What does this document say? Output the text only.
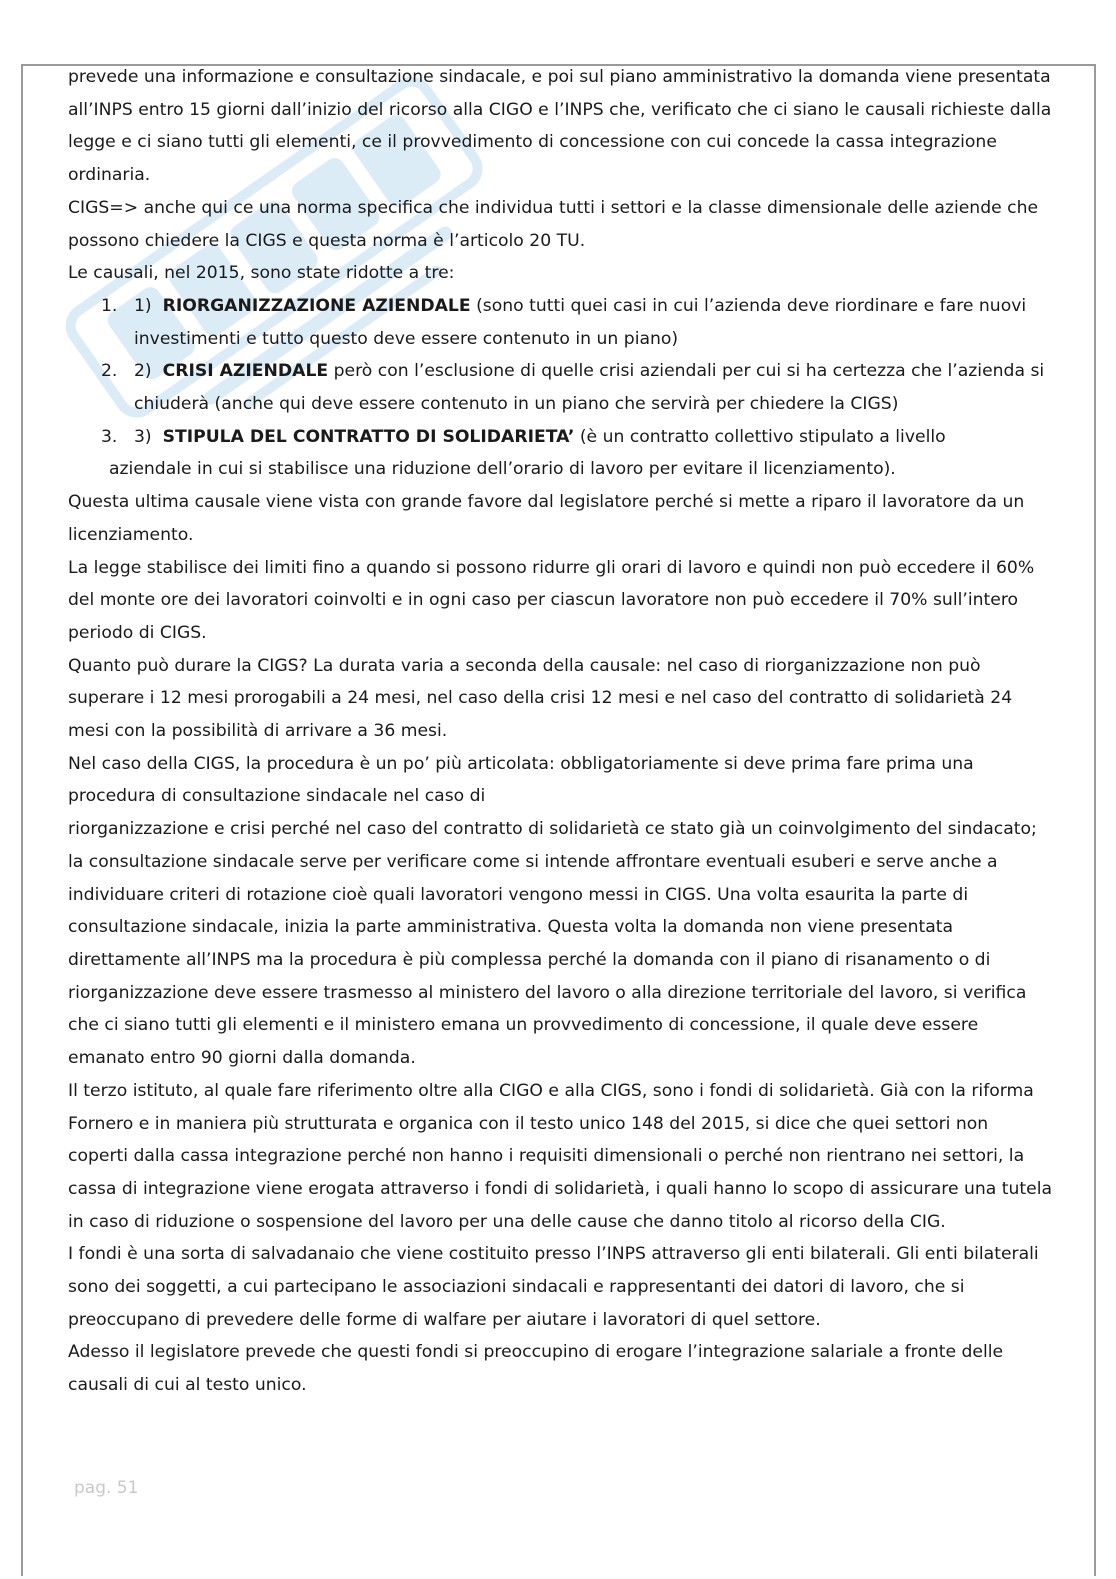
prevede una informazione e consultazione sindacale, e poi sul piano amministrativo la domanda viene presentata all’INPS entro 15 giorni dall’inizio del ricorso alla CIGO e l’INPS che, verificato che ci siano le causali richieste dalla legge e ci siano tutti gli elementi, ce il provvedimento di concessione con cui concede la cassa integrazione ordinaria.

CIGS=> anche qui ce una norma specifica che individua tutti i settori e la classe dimensionale delle aziende che possono chiedere la CIGS e questa norma è l’articolo 20 TU.

Le causali, nel 2015, sono state ridotte a tre:

1. 1) RIORGANIZZAZIONE AZIENDALE (sono tutti quei casi in cui l’azienda deve riordinare e fare nuovi investimenti e tutto questo deve essere contenuto in un piano)
2. 2) CRISI AZIENDALE però con l’esclusione di quelle crisi aziendali per cui si ha certezza che l’azienda si chiuderà (anche qui deve essere contenuto in un piano che servirà per chiedere la CIGS)
3. 3) STIPULA DEL CONTRATTO DI SOLIDARIETA’ (è un contratto collettivo stipulato a livello
aziendale in cui si stabilisce una riduzione dell’orario di lavoro per evitare il licenziamento).

Questa ultima causale viene vista con grande favore dal legislatore perché si mette a riparo il lavoratore da un licenziamento.

La legge stabilisce dei limiti fino a quando si possono ridurre gli orari di lavoro e quindi non può eccedere il 60% del monte ore dei lavoratori coinvolti e in ogni caso per ciascun lavoratore non può eccedere il 70% sull’intero periodo di CIGS.

Quanto può durare la CIGS? La durata varia a seconda della causale: nel caso di riorganizzazione non può superare i 12 mesi prorogabili a 24 mesi, nel caso della crisi 12 mesi e nel caso del contratto di solidarietà 24 mesi con la possibilità di arrivare a 36 mesi.

Nel caso della CIGS, la procedura è un po’ più articolata: obbligatoriamente si deve prima fare prima una procedura di consultazione sindacale nel caso di

riorganizzazione e crisi perché nel caso del contratto di solidarietà ce stato già un coinvolgimento del sindacato; la consultazione sindacale serve per verificare come si intende affrontare eventuali esuberi e serve anche a individuare criteri di rotazione cioè quali lavoratori vengono messi in CIGS. Una volta esaurita la parte di consultazione sindacale, inizia la parte amministrativa. Questa volta la domanda non viene presentata direttamente all’INPS ma la procedura è più complessa perché la domanda con il piano di risanamento o di riorganizzazione deve essere trasmesso al ministero del lavoro o alla direzione territoriale del lavoro, si verifica che ci siano tutti gli elementi e il ministero emana un provvedimento di concessione, il quale deve essere emanato entro 90 giorni dalla domanda.

Il terzo istituto, al quale fare riferimento oltre alla CIGO e alla CIGS, sono i fondi di solidarietà. Già con la riforma Fornero e in maniera più strutturata e organica con il testo unico 148 del 2015, si dice che quei settori non coperti dalla cassa integrazione perché non hanno i requisiti dimensionali o perché non rientrano nei settori, la cassa di integrazione viene erogata attraverso i fondi di solidarietà, i quali hanno lo scopo di assicurare una tutela in caso di riduzione o sospensione del lavoro per una delle cause che danno titolo al ricorso della CIG.

I fondi è una sorta di salvadanaio che viene costituito presso l’INPS attraverso gli enti bilaterali. Gli enti bilaterali sono dei soggetti, a cui partecipano le associazioni sindacali e rappresentanti dei datori di lavoro, che si preoccupano di prevedere delle forme di walfare per aiutare i lavoratori di quel settore.

Adesso il legislatore prevede che questi fondi si preoccupino di erogare l’integrazione salariale a fronte delle causali di cui al testo unico.

pag. 51
